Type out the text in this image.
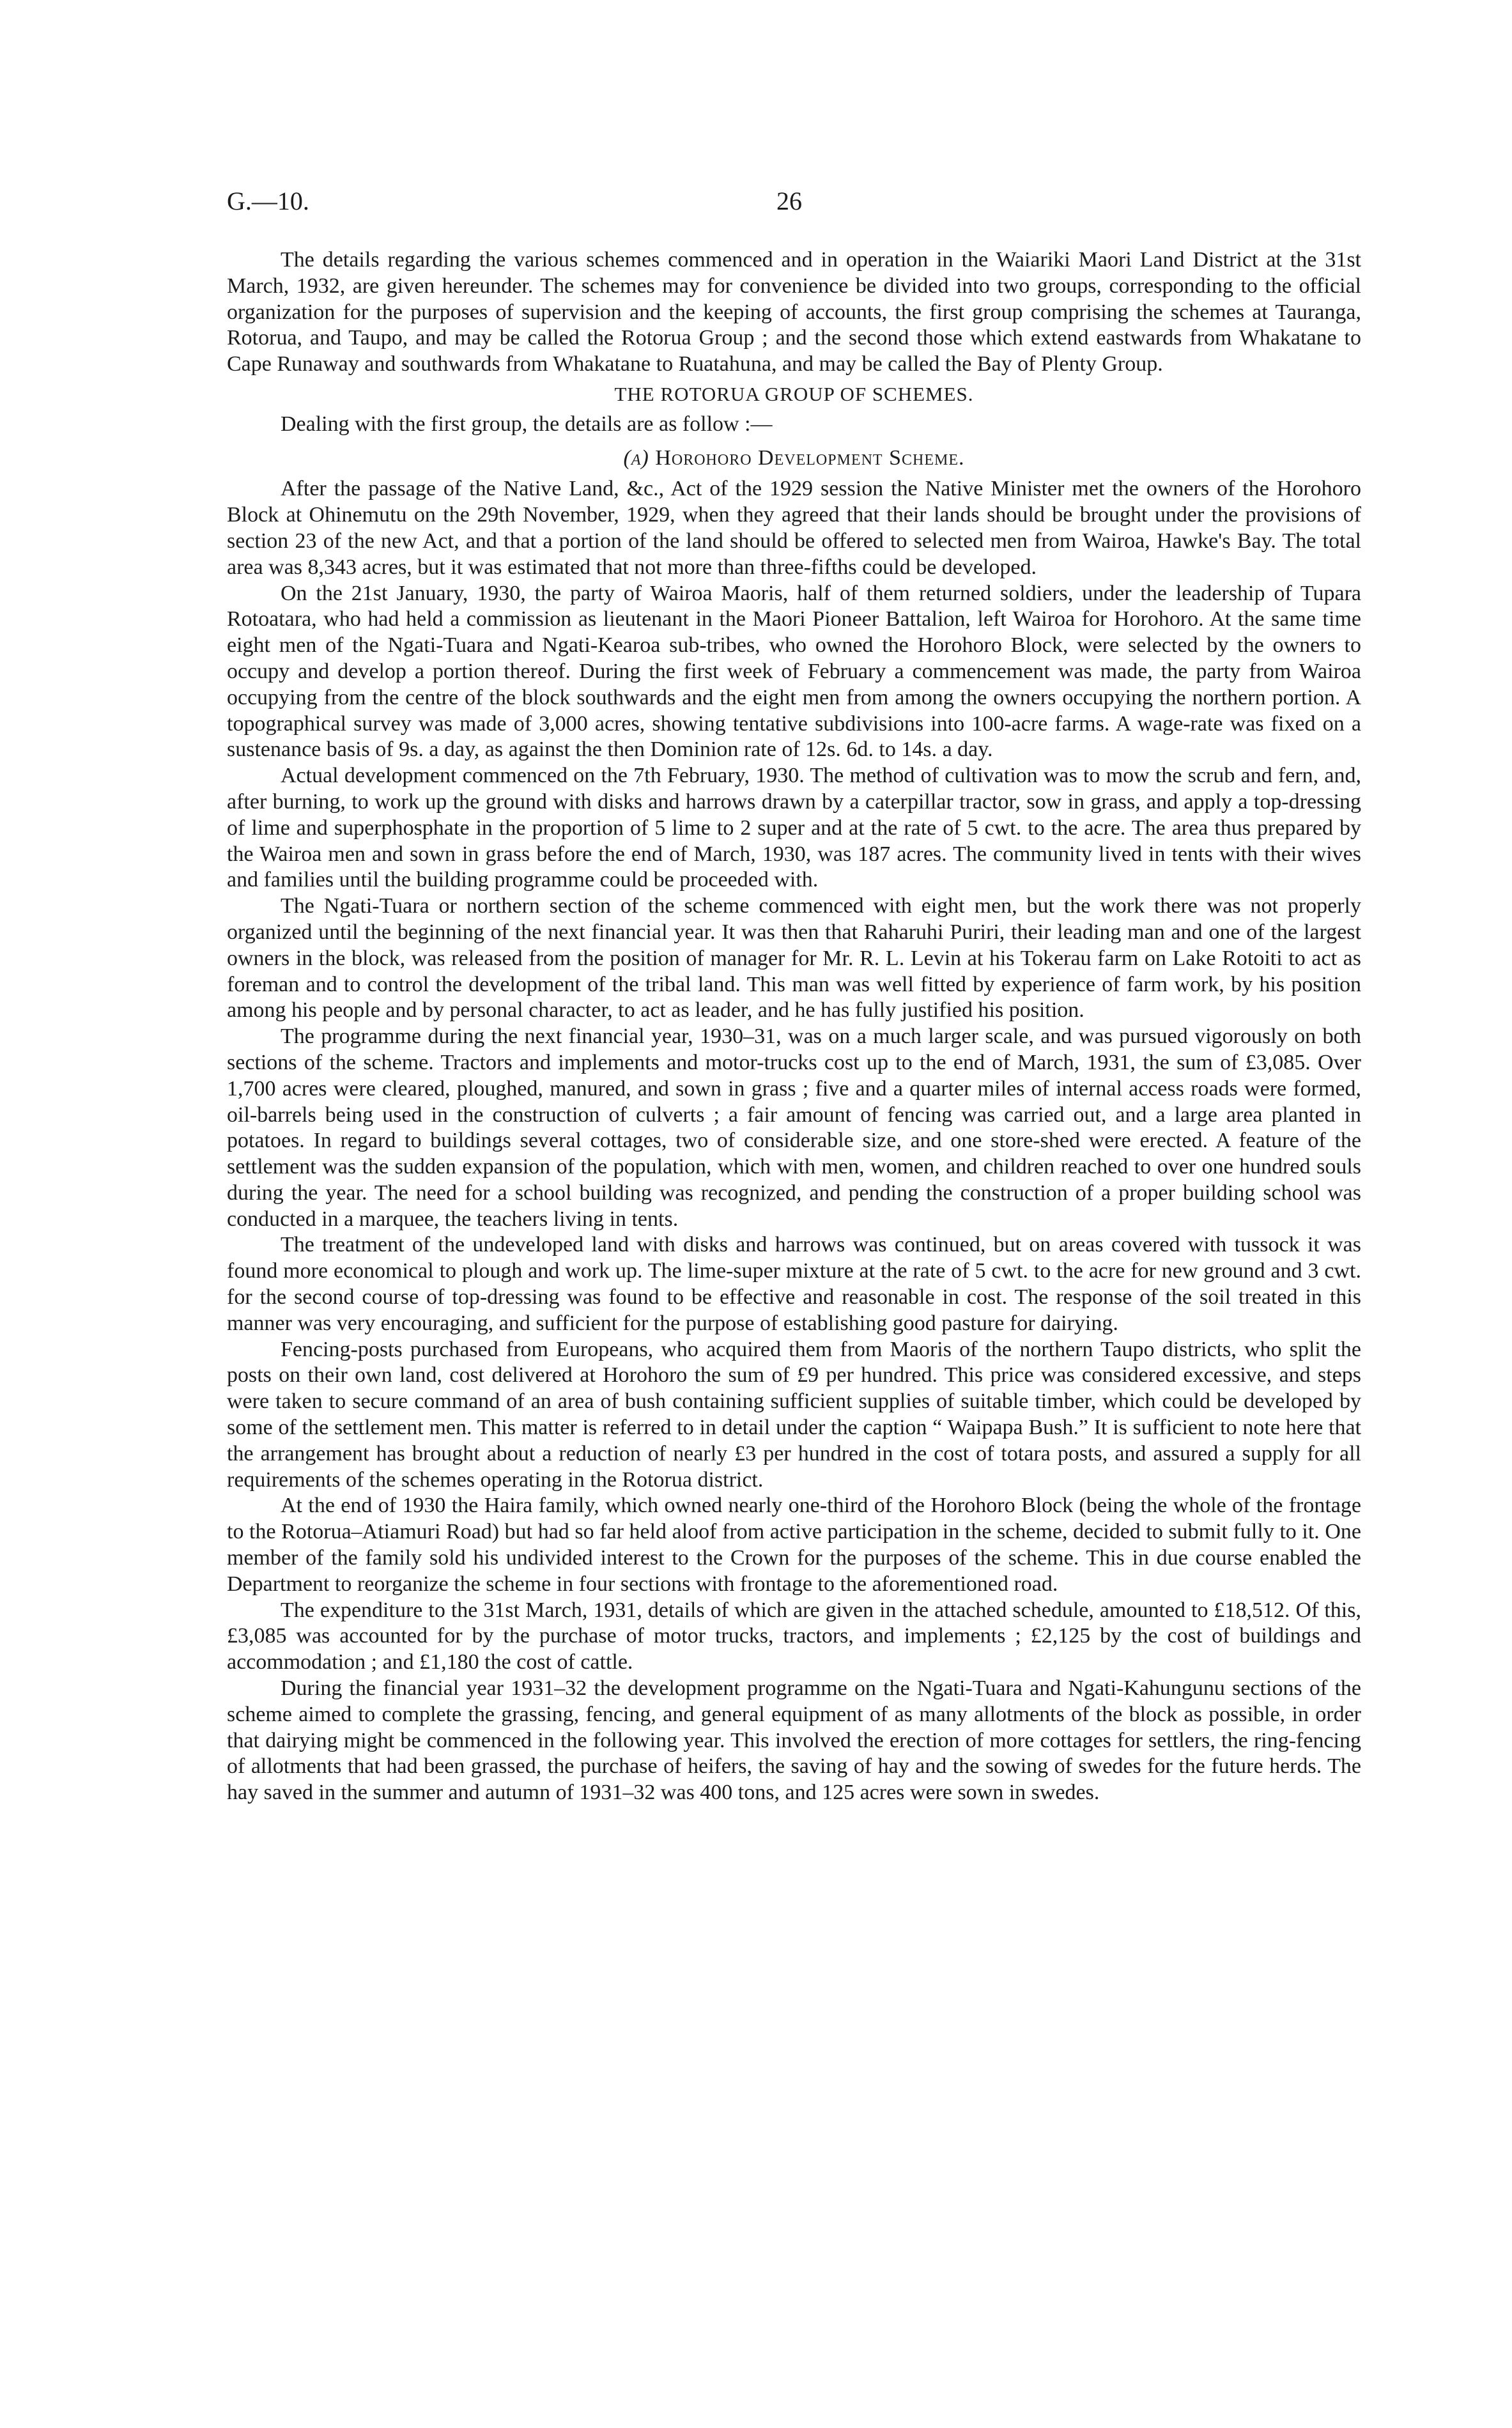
G.—10.	26

The details regarding the various schemes commenced and in operation in the Waiariki Maori Land District at the 31st March, 1932, are given hereunder. The schemes may for convenience be divided into two groups, corresponding to the official organization for the purposes of supervision and the keeping of accounts, the first group comprising the schemes at Tauranga, Rotorua, and Taupo, and may be called the Rotorua Group ; and the second those which extend eastwards from Whakatane to Cape Runaway and southwards from Whakatane to Ruatahuna, and may be called the Bay of Plenty Group.

THE ROTORUA GROUP OF SCHEMES.

Dealing with the first group, the details are as follow :—

(a) Horohoro Development Scheme.

After the passage of the Native Land, &c., Act of the 1929 session the Native Minister met the owners of the Horohoro Block at Ohinemutu on the 29th November, 1929, when they agreed that their lands should be brought under the provisions of section 23 of the new Act, and that a portion of the land should be offered to selected men from Wairoa, Hawke's Bay. The total area was 8,343 acres, but it was estimated that not more than three-fifths could be developed.

On the 21st January, 1930, the party of Wairoa Maoris, half of them returned soldiers, under the leadership of Tupara Rotoatara, who had held a commission as lieutenant in the Maori Pioneer Battalion, left Wairoa for Horohoro. At the same time eight men of the Ngati-Tuara and Ngati-Kearoa sub-tribes, who owned the Horohoro Block, were selected by the owners to occupy and develop a portion thereof. During the first week of February a commencement was made, the party from Wairoa occupying from the centre of the block southwards and the eight men from among the owners occupying the northern portion. A topographical survey was made of 3,000 acres, showing tentative subdivisions into 100-acre farms. A wage-rate was fixed on a sustenance basis of 9s. a day, as against the then Dominion rate of 12s. 6d. to 14s. a day.

Actual development commenced on the 7th February, 1930. The method of cultivation was to mow the scrub and fern, and, after burning, to work up the ground with disks and harrows drawn by a caterpillar tractor, sow in grass, and apply a top-dressing of lime and superphosphate in the proportion of 5 lime to 2 super and at the rate of 5 cwt. to the acre. The area thus prepared by the Wairoa men and sown in grass before the end of March, 1930, was 187 acres. The community lived in tents with their wives and families until the building programme could be proceeded with.

The Ngati-Tuara or northern section of the scheme commenced with eight men, but the work there was not properly organized until the beginning of the next financial year. It was then that Raharuhi Puriri, their leading man and one of the largest owners in the block, was released from the position of manager for Mr. R. L. Levin at his Tokerau farm on Lake Rotoiti to act as foreman and to control the development of the tribal land. This man was well fitted by experience of farm work, by his position among his people and by personal character, to act as leader, and he has fully justified his position.

The programme during the next financial year, 1930–31, was on a much larger scale, and was pursued vigorously on both sections of the scheme. Tractors and implements and motor-trucks cost up to the end of March, 1931, the sum of £3,085. Over 1,700 acres were cleared, ploughed, manured, and sown in grass ; five and a quarter miles of internal access roads were formed, oil-barrels being used in the construction of culverts ; a fair amount of fencing was carried out, and a large area planted in potatoes. In regard to buildings several cottages, two of considerable size, and one store-shed were erected. A feature of the settlement was the sudden expansion of the population, which with men, women, and children reached to over one hundred souls during the year. The need for a school building was recognized, and pending the construction of a proper building school was conducted in a marquee, the teachers living in tents.

The treatment of the undeveloped land with disks and harrows was continued, but on areas covered with tussock it was found more economical to plough and work up. The lime-super mixture at the rate of 5 cwt. to the acre for new ground and 3 cwt. for the second course of top-dressing was found to be effective and reasonable in cost. The response of the soil treated in this manner was very encouraging, and sufficient for the purpose of establishing good pasture for dairying.

Fencing-posts purchased from Europeans, who acquired them from Maoris of the northern Taupo districts, who split the posts on their own land, cost delivered at Horohoro the sum of £9 per hundred. This price was considered excessive, and steps were taken to secure command of an area of bush containing sufficient supplies of suitable timber, which could be developed by some of the settlement men. This matter is referred to in detail under the caption “ Waipapa Bush.” It is sufficient to note here that the arrangement has brought about a reduction of nearly £3 per hundred in the cost of totara posts, and assured a supply for all requirements of the schemes operating in the Rotorua district.

At the end of 1930 the Haira family, which owned nearly one-third of the Horohoro Block (being the whole of the frontage to the Rotorua–Atiamuri Road) but had so far held aloof from active participation in the scheme, decided to submit fully to it. One member of the family sold his undivided interest to the Crown for the purposes of the scheme. This in due course enabled the Department to reorganize the scheme in four sections with frontage to the aforementioned road.

The expenditure to the 31st March, 1931, details of which are given in the attached schedule, amounted to £18,512. Of this, £3,085 was accounted for by the purchase of motor trucks, tractors, and implements ; £2,125 by the cost of buildings and accommodation ; and £1,180 the cost of cattle.

During the financial year 1931–32 the development programme on the Ngati-Tuara and Ngati-Kahungunu sections of the scheme aimed to complete the grassing, fencing, and general equipment of as many allotments of the block as possible, in order that dairying might be commenced in the following year. This involved the erection of more cottages for settlers, the ring-fencing of allotments that had been grassed, the purchase of heifers, the saving of hay and the sowing of swedes for the future herds. The hay saved in the summer and autumn of 1931–32 was 400 tons, and 125 acres were sown in swedes.
